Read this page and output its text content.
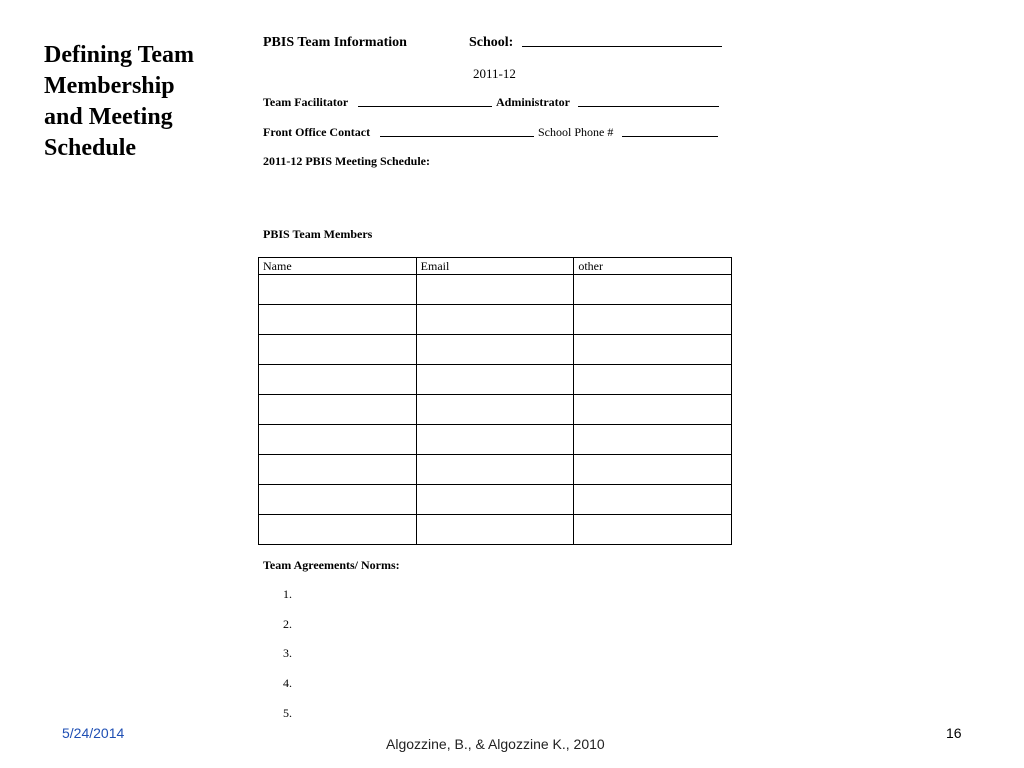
Defining Team
Membership
and Meeting
Schedule
PBIS Team Information	School:
2011-12
Team Facilitator	Administrator
Front Office Contact	School Phone #
2011-12 PBIS Meeting Schedule:
PBIS Team Members
Name	Email	other

Team Agreements/ Norms:
1.
2.
3.
4.
5.
5/24/2014
Algozzine, B., & Algozzine K., 2010
16
